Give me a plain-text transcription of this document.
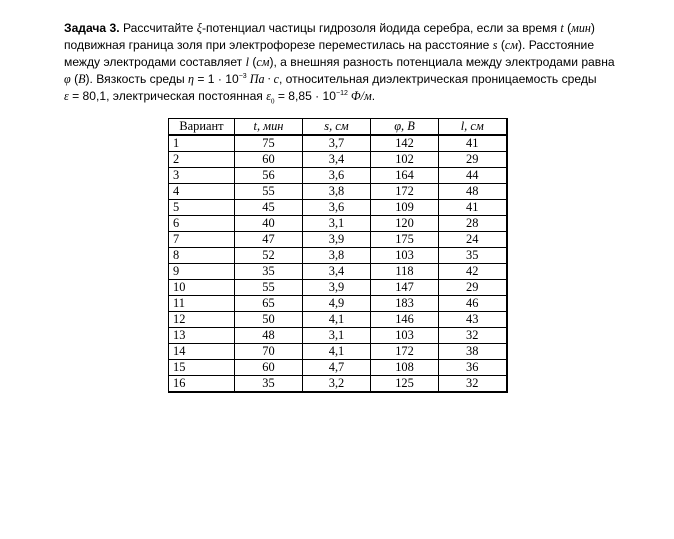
Задача 3. Рассчитайте ξ-потенциал частицы гидрозоля йодида серебра, если за время t (мин) подвижная граница золя при электрофорезе переместилась на расстояние s (см). Расстояние между электродами составляет l (см), а внешняя разность потенциала между электродами равна φ (В). Вязкость среды $\eta = 1 \cdot 10^{-3}$ Па · с, относительная диэлектрическая проницаемость среды
ε = 80,1, электрическая постоянная $\varepsilon_0 = 8,85 \cdot 10^{-12}$ Ф/м.

Вариант	t, мин	s, см	φ, В	l, см
1	75	3,7	142	41
2	60	3,4	102	29
3	56	3,6	164	44
4	55	3,8	172	48
5	45	3,6	109	41
6	40	3,1	120	28
7	47	3,9	175	24
8	52	3,8	103	35
9	35	3,4	118	42
10	55	3,9	147	29
11	65	4,9	183	46
12	50	4,1	146	43
13	48	3,1	103	32
14	70	4,1	172	38
15	60	4,7	108	36
16	35	3,2	125	32
